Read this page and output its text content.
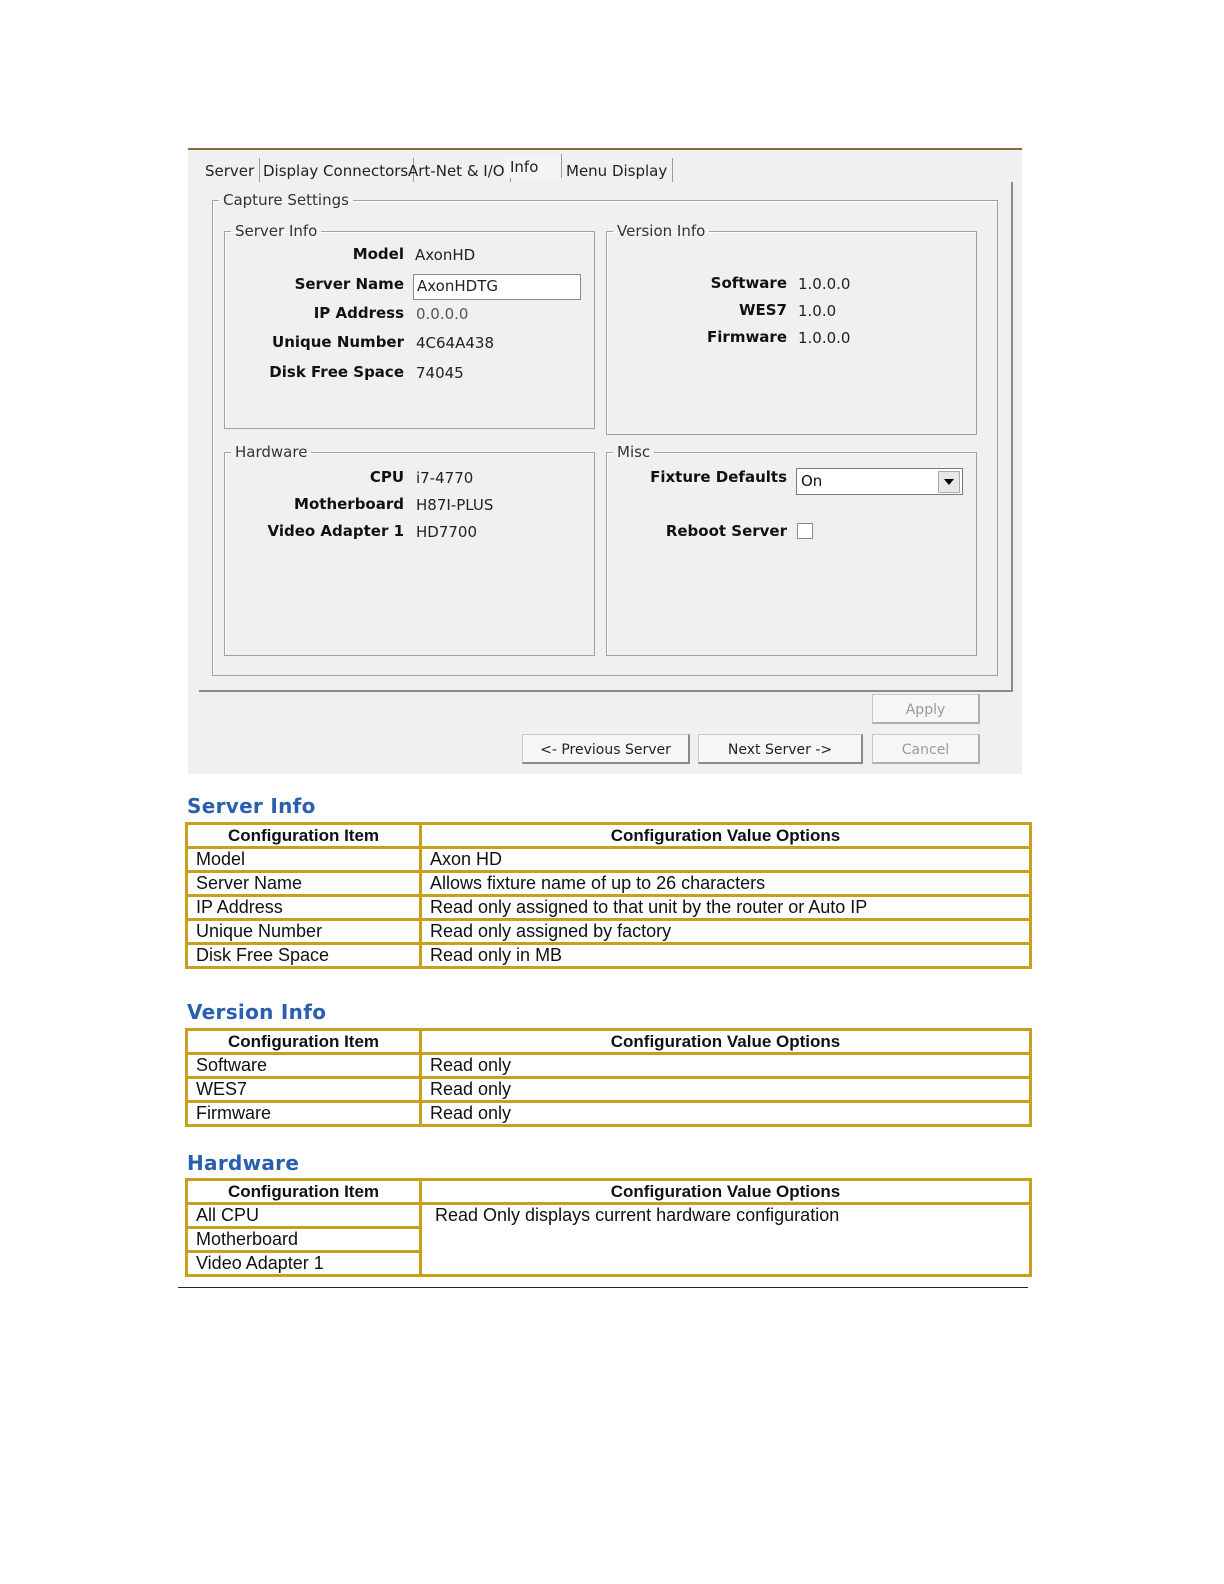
Server Display Connectors Art-Net & I/O Info	Menu Display
Capture Settings
Server Info
Model AxonHD
Server Name AxonHDTG
IP Address 0.0.0.0
Unique Number 4C64A438
Disk Free Space 74045
Version Info
Software 1.0.0.0
WES7 1.0.0
Firmware 1.0.0.0
Hardware
CPU i7-4770
Motherboard H87I-PLUS
Video Adapter 1 HD7700
Misc
Fixture Defaults On
Reboot Server
Apply
<- Previous Server	Next Server ->	Cancel
Server Info
Configuration Item	Configuration Value Options
Model	Axon HD
Server Name	Allows fixture name of up to 26 characters
IP Address	Read only assigned to that unit by the router or Auto IP
Unique Number	Read only assigned by factory
Disk Free Space	Read only in MB
Version Info
Configuration Item	Configuration Value Options
Software	Read only
WES7	Read only
Firmware	Read only
Hardware
Configuration Item	Configuration Value Options
All CPU	Read Only displays current hardware configuration
Motherboard	
Video Adapter 1	
